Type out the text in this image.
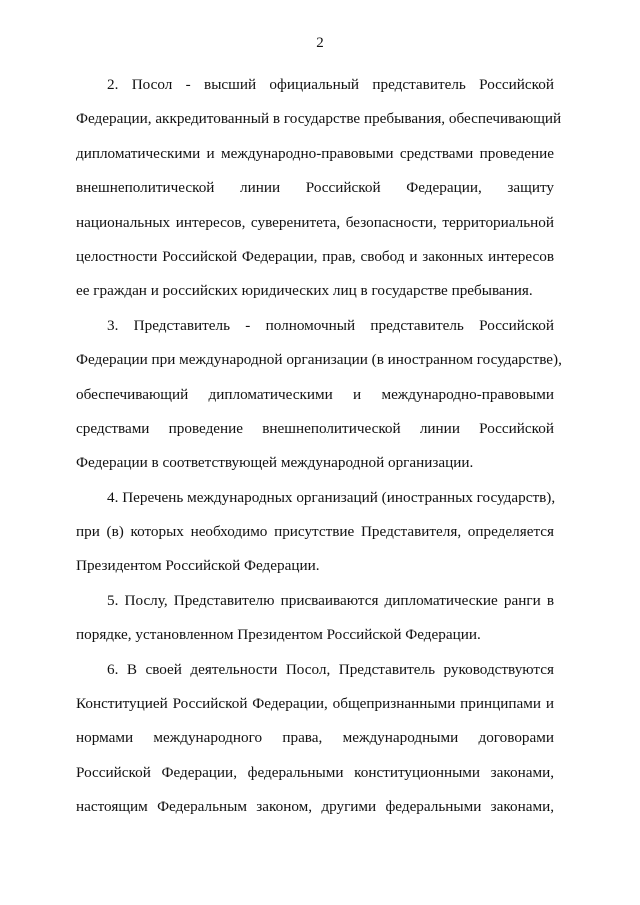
2
2. Посол - высший официальный представитель Российской
Федерации, аккредитованный в государстве пребывания, обеспечивающий
дипломатическими и международно-правовыми средствами проведение
внешнеполитической линии Российской Федерации, защиту
национальных интересов, суверенитета, безопасности, территориальной
целостности Российской Федерации, прав, свобод и законных интересов
ее граждан и российских юридических лиц в государстве пребывания.
3. Представитель - полномочный представитель Российской
Федерации при международной организации (в иностранном государстве),
обеспечивающий дипломатическими и международно-правовыми
средствами проведение внешнеполитической линии Российской
Федерации в соответствующей международной организации.
4. Перечень международных организаций (иностранных государств),
при (в) которых необходимо присутствие Представителя, определяется
Президентом Российской Федерации.
5. Послу, Представителю присваиваются дипломатические ранги в
порядке, установленном Президентом Российской Федерации.
6. В своей деятельности Посол, Представитель руководствуются
Конституцией Российской Федерации, общепризнанными принципами и
нормами международного права, международными договорами
Российской Федерации, федеральными конституционными законами,
настоящим Федеральным законом, другими федеральными законами,
